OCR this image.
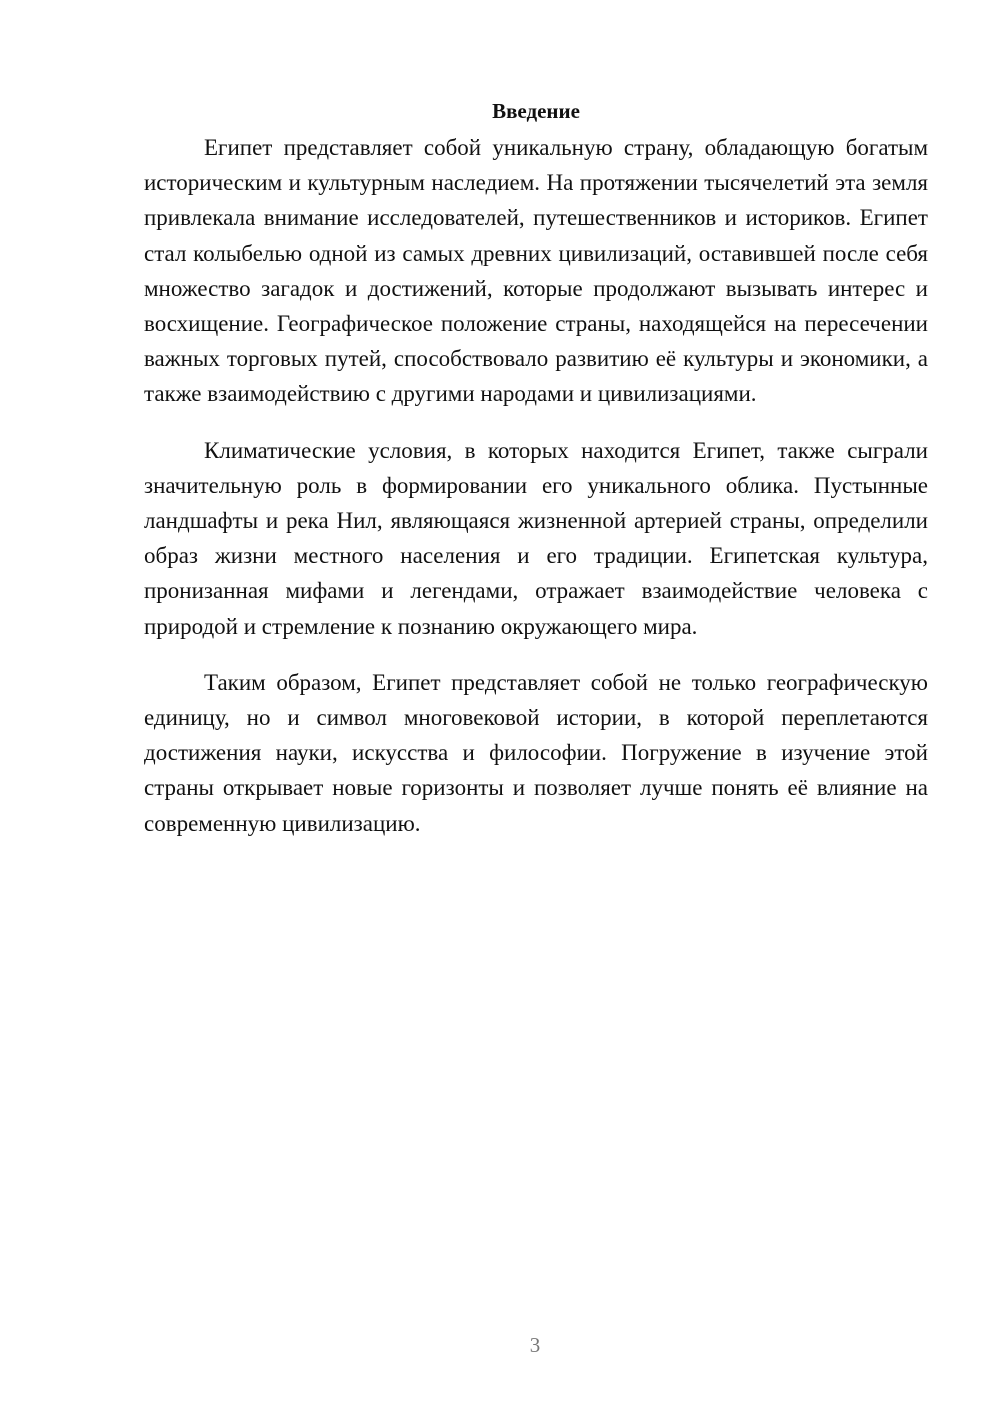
Введение

Египет представляет собой уникальную страну, обладающую богатым историческим и культурным наследием. На протяжении тысячелетий эта земля привлекала внимание исследователей, путешественников и историков. Египет стал колыбелью одной из самых древних цивилизаций, оставившей после себя множество загадок и достижений, которые продолжают вызывать интерес и восхищение. Географическое положение страны, находящейся на пересечении важных торговых путей, способствовало развитию её культуры и экономики, а также взаимодействию с другими народами и цивилизациями.

Климатические условия, в которых находится Египет, также сыграли значительную роль в формировании его уникального облика. Пустынные ландшафты и река Нил, являющаяся жизненной артерией страны, определили образ жизни местного населения и его традиции. Египетская культура, пронизанная мифами и легендами, отражает взаимодействие человека с природой и стремление к познанию окружающего мира.

Таким образом, Египет представляет собой не только географическую единицу, но и символ многовековой истории, в которой переплетаются достижения науки, искусства и философии. Погружение в изучение этой страны открывает новые горизонты и позволяет лучше понять её влияние на современную цивилизацию.

3
